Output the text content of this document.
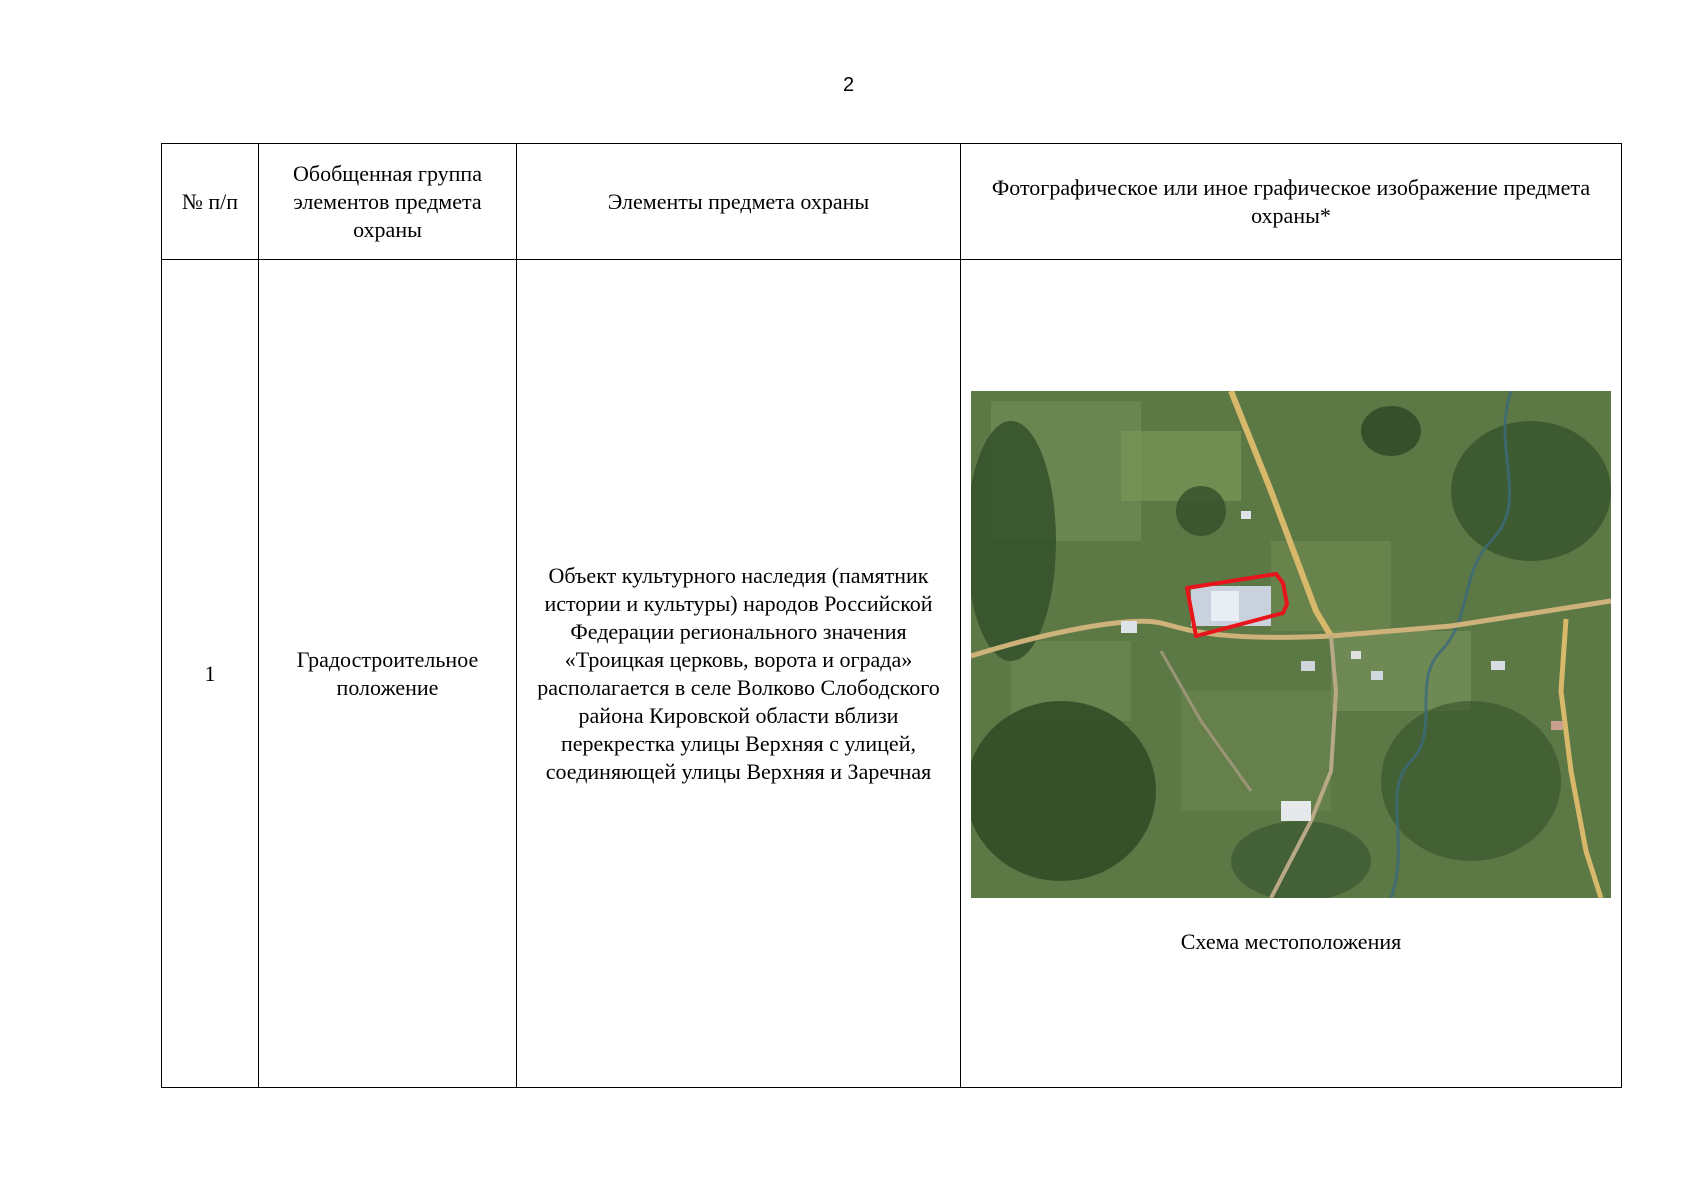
2
№ п/п	Обобщенная группа элементов предмета охраны	Элементы предмета охраны	Фотографическое или иное графическое изображение предмета охраны*
1	Градостроительное положение	Объект культурного наследия (памятник истории и культуры) народов Российской Федерации регионального значения «Троицкая церковь, ворота и ограда» располагается в селе Волково Слободского района Кировской области вблизи перекрестка улицы Верхняя с улицей, соединяющей улицы Верхняя и Заречная	Схема местоположения
